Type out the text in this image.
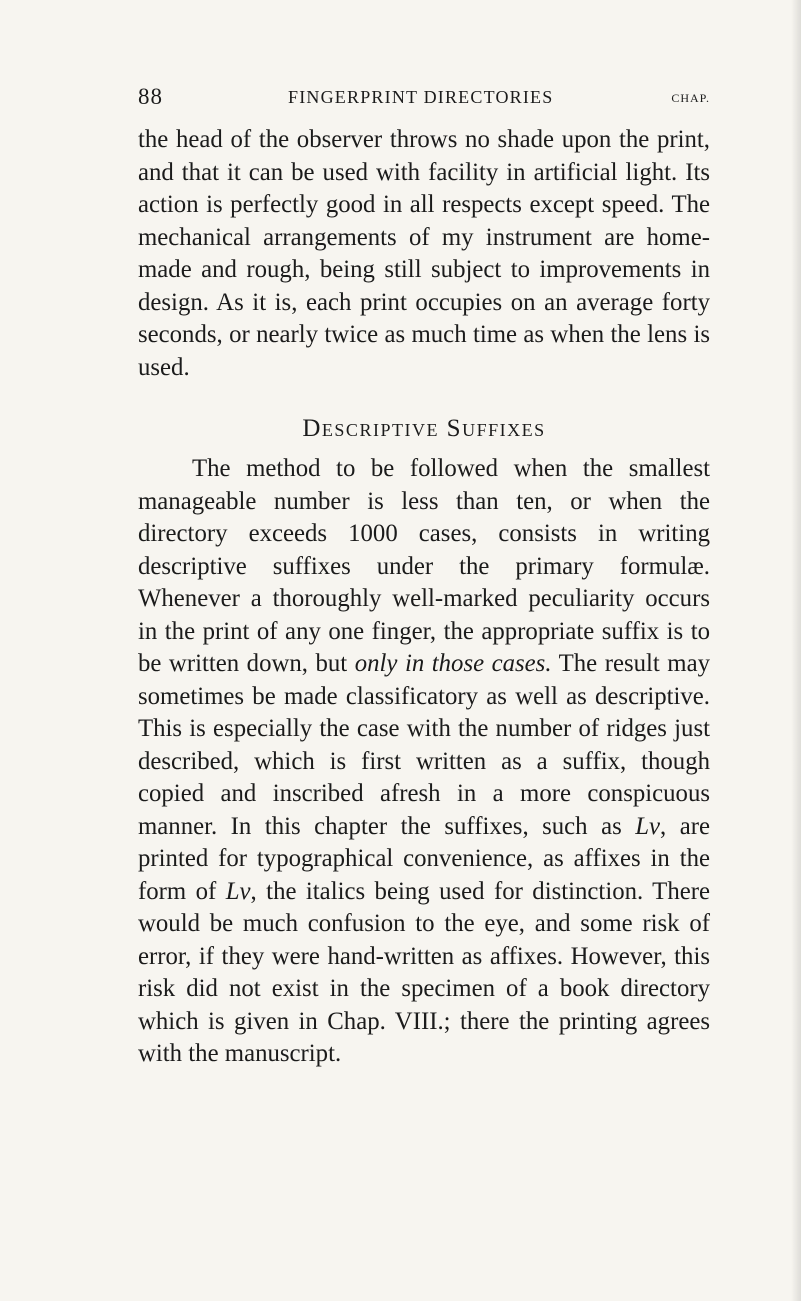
88	FINGERPRINT DIRECTORIES	CHAP.

the head of the observer throws no shade upon the print, and that it can be used with facility in artificial light. Its action is perfectly good in all respects except speed. The mechanical arrangements of my instrument are home-made and rough, being still subject to improvements in design. As it is, each print occupies on an average forty seconds, or nearly twice as much time as when the lens is used.

Descriptive Suffixes

The method to be followed when the smallest manageable number is less than ten, or when the directory exceeds 1000 cases, consists in writing descriptive suffixes under the primary formulæ. Whenever a thoroughly well-marked peculiarity occurs in the print of any one finger, the appropriate suffix is to be written down, but only in those cases. The result may sometimes be made classificatory as well as descriptive. This is especially the case with the number of ridges just described, which is first written as a suffix, though copied and inscribed afresh in a more conspicuous manner. In this chapter the suffixes, such as Lv, are printed for typographical convenience, as affixes in the form of Lv, the italics being used for distinction. There would be much confusion to the eye, and some risk of error, if they were hand-written as affixes. However, this risk did not exist in the specimen of a book directory which is given in Chap. VIII.; there the printing agrees with the manuscript.
